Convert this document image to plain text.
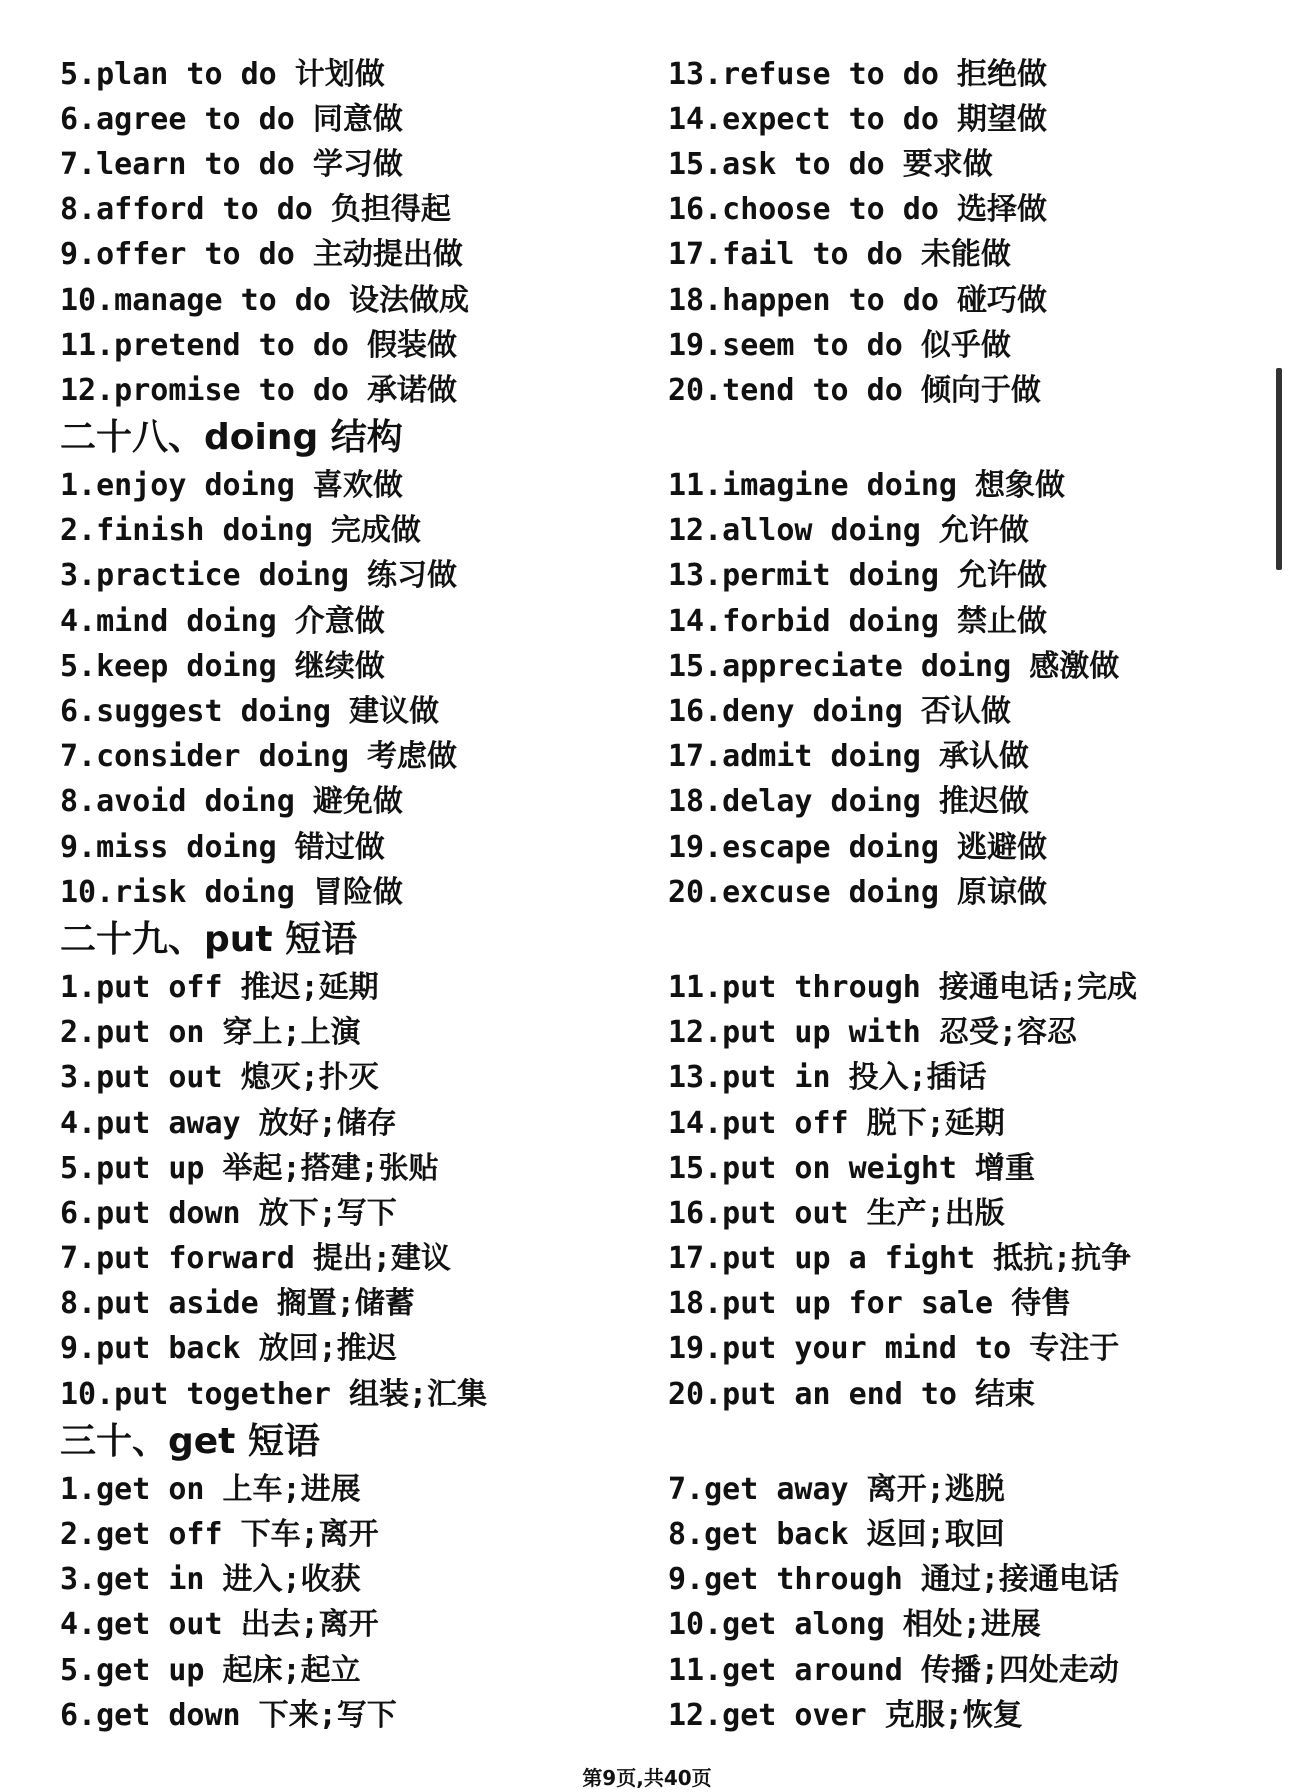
5.plan to do 计划做	13.refuse to do 拒绝做
6.agree to do 同意做	14.expect to do 期望做
7.learn to do 学习做	15.ask to do 要求做
8.afford to do 负担得起	16.choose to do 选择做
9.offer to do 主动提出做	17.fail to do 未能做
10.manage to do 设法做成	18.happen to do 碰巧做
11.pretend to do 假装做	19.seem to do 似乎做
12.promise to do 承诺做	20.tend to do 倾向于做
二十八、doing 结构
1.enjoy doing 喜欢做	11.imagine doing 想象做
2.finish doing 完成做	12.allow doing 允许做
3.practice doing 练习做	13.permit doing 允许做
4.mind doing 介意做	14.forbid doing 禁止做
5.keep doing 继续做	15.appreciate doing 感激做
6.suggest doing 建议做	16.deny doing 否认做
7.consider doing 考虑做	17.admit doing 承认做
8.avoid doing 避免做	18.delay doing 推迟做
9.miss doing 错过做	19.escape doing 逃避做
10.risk doing 冒险做	20.excuse doing 原谅做
二十九、put 短语
1.put off 推迟;延期	11.put through 接通电话;完成
2.put on 穿上;上演	12.put up with 忍受;容忍
3.put out 熄灭;扑灭	13.put in 投入;插话
4.put away 放好;储存	14.put off 脱下;延期
5.put up 举起;搭建;张贴	15.put on weight 增重
6.put down 放下;写下	16.put out 生产;出版
7.put forward 提出;建议	17.put up a fight 抵抗;抗争
8.put aside 搁置;储蓄	18.put up for sale 待售
9.put back 放回;推迟	19.put your mind to 专注于
10.put together 组装;汇集	20.put an end to 结束
三十、get 短语
1.get on 上车;进展	7.get away 离开;逃脱
2.get off 下车;离开	8.get back 返回;取回
3.get in 进入;收获	9.get through 通过;接通电话
4.get out 出去;离开	10.get along 相处;进展
5.get up 起床;起立	11.get around 传播;四处走动
6.get down 下来;写下	12.get over 克服;恢复
第9页,共40页
